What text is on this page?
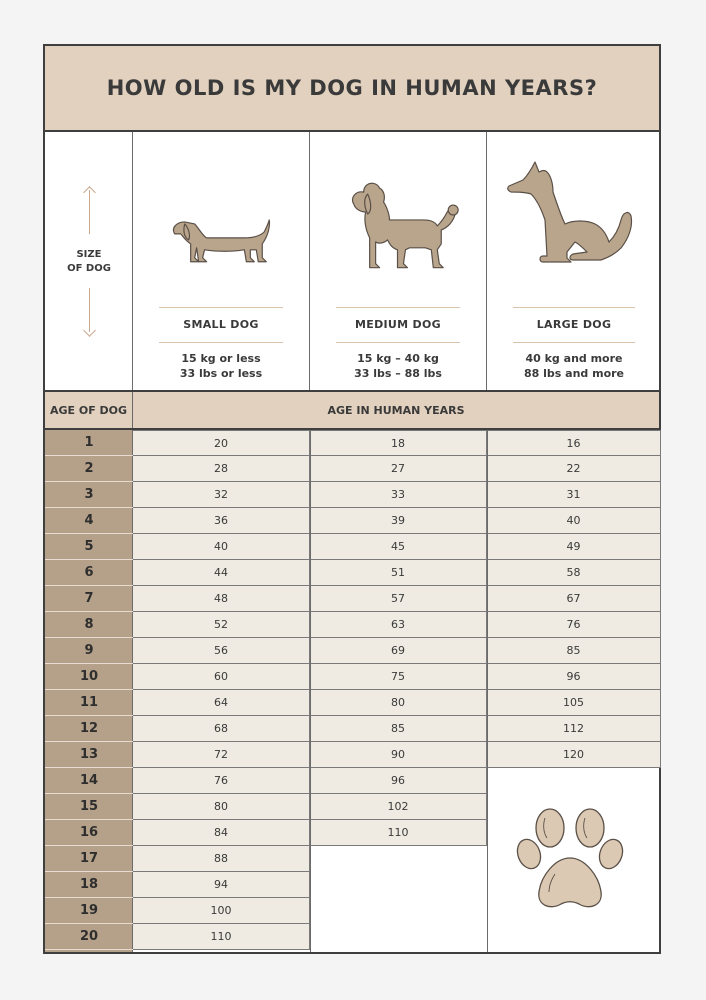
HOW OLD IS MY DOG IN HUMAN YEARS?
SIZE
OF DOG
SMALL DOG
15 kg or less
33 lbs or less
MEDIUM DOG
15 kg – 40 kg
33 lbs – 88 lbs
LARGE DOG
40 kg and more
88 lbs and more
AGE OF DOG	AGE IN HUMAN YEARS
1
2
3
4
5
6
7
8
9
10
11
12
13
14
15
16
17
18
19
20
20
28
32
36
40
44
48
52
56
60
64
68
72
76
80
84
88
94
100
110
18
27
33
39
45
51
57
63
69
75
80
85
90
96
102
110
16
22
31
40
49
58
67
76
85
96
105
112
120
